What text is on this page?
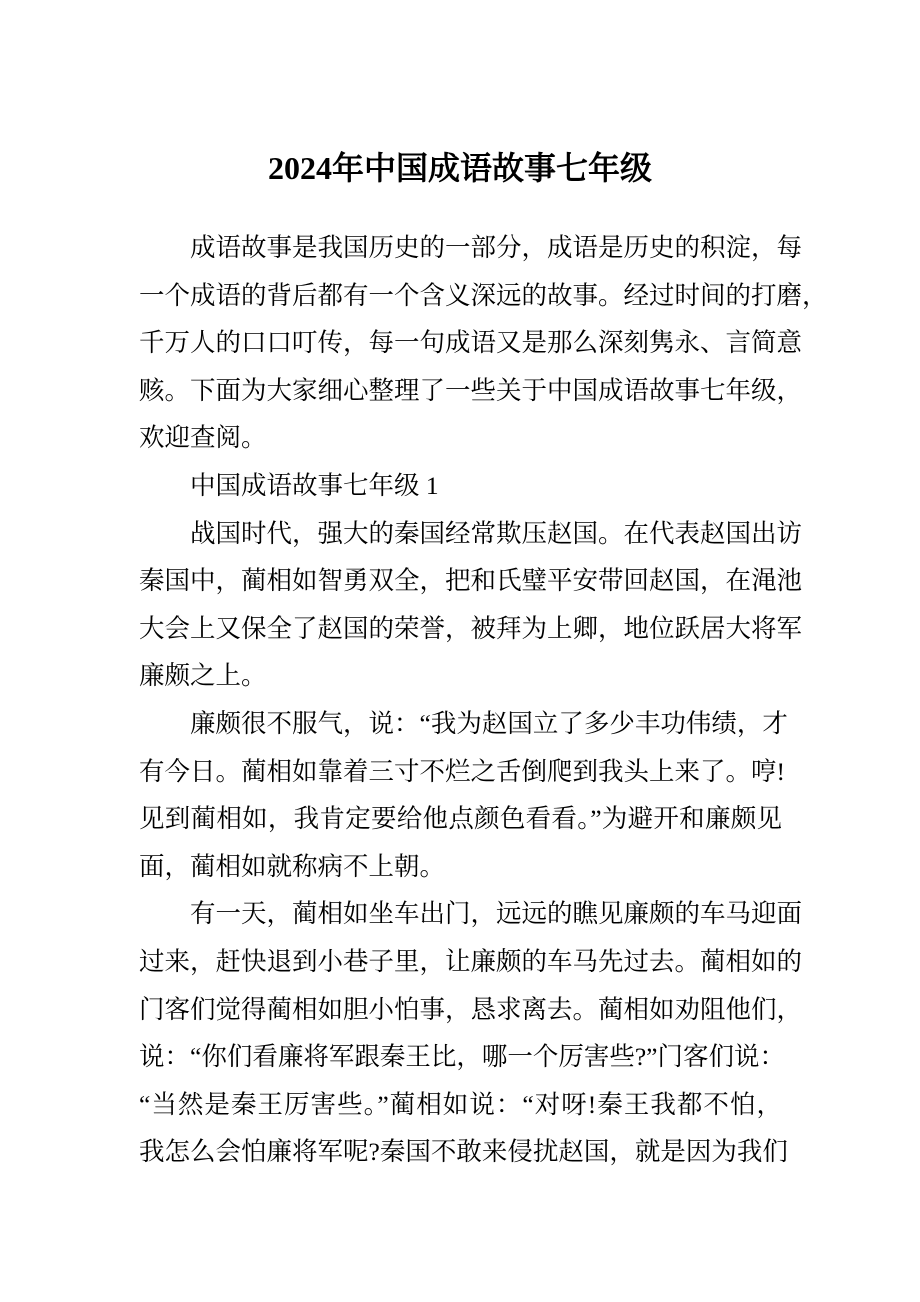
2024年中国成语故事七年级
成语故事是我国历史的一部分，成语是历史的积淀，每
一个成语的背后都有一个含义深远的故事。经过时间的打磨，
千万人的口口叮传，每一句成语又是那么深刻隽永、言简意
赅。下面为大家细心整理了一些关于中国成语故事七年级，
欢迎查阅。
中国成语故事七年级 1
战国时代，强大的秦国经常欺压赵国。在代表赵国出访
秦国中，蔺相如智勇双全，把和氏璧平安带回赵国，在渑池
大会上又保全了赵国的荣誉，被拜为上卿，地位跃居大将军
廉颇之上。
廉颇很不服气，说：“我为赵国立了多少丰功伟绩，才
有今日。蔺相如靠着三寸不烂之舌倒爬到我头上来了。哼!
见到蔺相如，我肯定要给他点颜色看看。”为避开和廉颇见
面，蔺相如就称病不上朝。
有一天，蔺相如坐车出门，远远的瞧见廉颇的车马迎面
过来，赶快退到小巷子里，让廉颇的车马先过去。蔺相如的
门客们觉得蔺相如胆小怕事，恳求离去。蔺相如劝阻他们，
说：“你们看廉将军跟秦王比，哪一个厉害些?”门客们说：
“当然是秦王厉害些。”蔺相如说：“对呀!秦王我都不怕，
我怎么会怕廉将军呢?秦国不敢来侵扰赵国，就是因为我们
